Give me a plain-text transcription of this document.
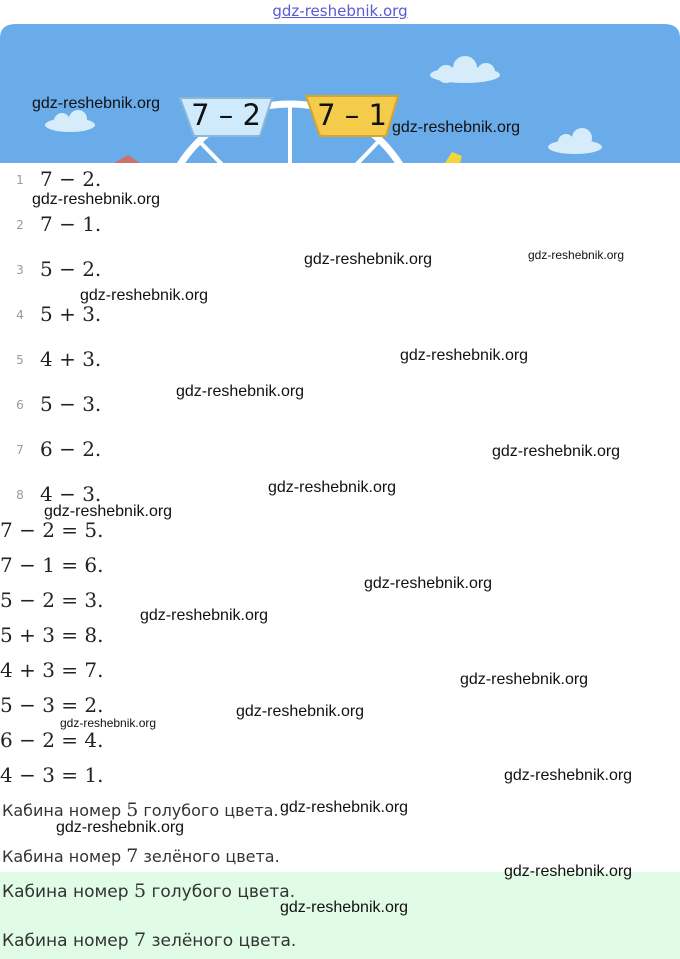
gdz-reshebnik.org
7 – 2 7 – 1
1 7 − 2.
2 7 − 1.
3 5 − 2.
4 5 + 3.
5 4 + 3.
6 5 − 3.
7 6 − 2.
8 4 − 3.
7 − 2 = 5.
7 − 1 = 6.
5 − 2 = 3.
5 + 3 = 8.
4 + 3 = 7.
5 − 3 = 2.
6 − 2 = 4.
4 − 3 = 1.
Кабина номер 5 голубого цвета.
Кабина номер 7 зелёного цвета.
Кабина номер 5 голубого цвета.
Кабина номер 7 зелёного цвета.
gdz-reshebnik.org
gdz-reshebnik.org
gdz-reshebnik.org
gdz-reshebnik.org	gdz-reshebnik.org
gdz-reshebnik.org
gdz-reshebnik.org
gdz-reshebnik.org
gdz-reshebnik.org
gdz-reshebnik.org
gdz-reshebnik.org
gdz-reshebnik.org
gdz-reshebnik.org
gdz-reshebnik.org
gdz-reshebnik.org
gdz-reshebnik.org
gdz-reshebnik.org
gdz-reshebnik.org
gdz-reshebnik.org
gdz-reshebnik.org
gdz-reshebnik.org
